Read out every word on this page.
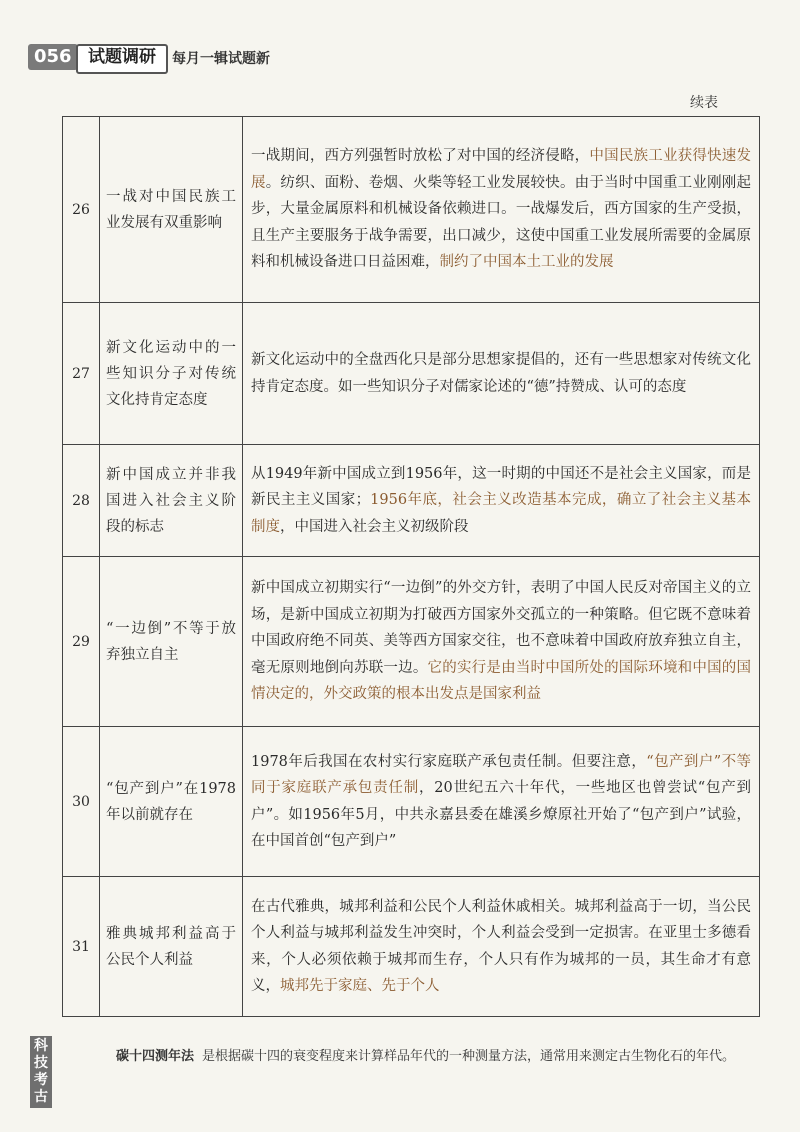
056 试题调研	每月一辑试题新
续表
26	一战对中国民族工业发展有双重影响	一战期间，西方列强暂时放松了对中国的经济侵略，中国民族工业获得快速发展。纺织、面粉、卷烟、火柴等轻工业发展较快。由于当时中国重工业刚刚起步，大量金属原料和机械设备依赖进口。一战爆发后，西方国家的生产受损，且生产主要服务于战争需要，出口减少，这使中国重工业发展所需要的金属原料和机械设备进口日益困难，制约了中国本土工业的发展
27	新文化运动中的一些知识分子对传统文化持肯定态度	新文化运动中的全盘西化只是部分思想家提倡的，还有一些思想家对传统文化持肯定态度。如一些知识分子对儒家论述的“德”持赞成、认可的态度
28	新中国成立并非我国进入社会主义阶段的标志	从1949年新中国成立到1956年，这一时期的中国还不是社会主义国家，而是新民主主义国家；1956年底，社会主义改造基本完成，确立了社会主义基本制度，中国进入社会主义初级阶段
29	“一边倒”不等于放弃独立自主	新中国成立初期实行“一边倒”的外交方针，表明了中国人民反对帝国主义的立场，是新中国成立初期为打破西方国家外交孤立的一种策略。但它既不意味着中国政府绝不同英、美等西方国家交往，也不意味着中国政府放弃独立自主，毫无原则地倒向苏联一边。它的实行是由当时中国所处的国际环境和中国的国情决定的，外交政策的根本出发点是国家利益
30	“包产到户”在1978年以前就存在	1978年后我国在农村实行家庭联产承包责任制。但要注意，“包产到户”不等同于家庭联产承包责任制，20世纪五六十年代，一些地区也曾尝试“包产到户”。如1956年5月，中共永嘉县委在雄溪乡燎原社开始了“包产到户”试验，在中国首创“包产到户”
31	雅典城邦利益高于公民个人利益	在古代雅典，城邦利益和公民个人利益休戚相关。城邦利益高于一切，当公民个人利益与城邦利益发生冲突时，个人利益会受到一定损害。在亚里士多德看来，个人必须依赖于城邦而生存，个人只有作为城邦的一员，其生命才有意义，城邦先于家庭、先于个人
科技考古
碳十四测年法 是根据碳十四的衰变程度来计算样品年代的一种测量方法，通常用来测定古生物化石的年代。
